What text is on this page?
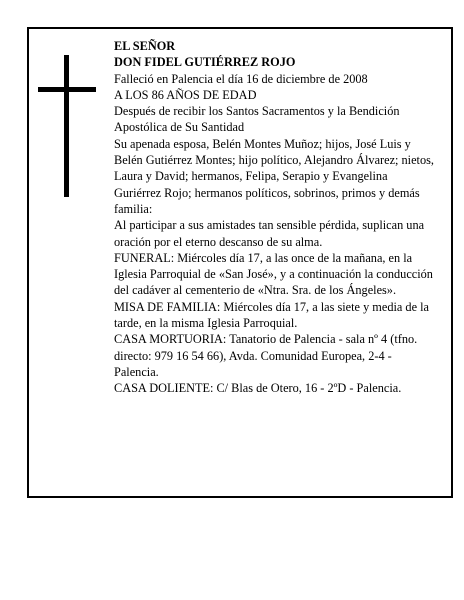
EL SEÑOR

DON FIDEL GUTIÉRREZ ROJO

Falleció en Palencia el día 16 de diciembre de 2008

A LOS 86 AÑOS DE EDAD

Después de recibir los Santos Sacramentos y la Bendición Apostólica de Su Santidad

Su apenada esposa, Belén Montes Muñoz; hijos, José Luis y Belén Gutiérrez Montes; hijo político, Alejandro Álvarez; nietos, Laura y David; hermanos, Felipa, Serapio y Evangelina Guriérrez Rojo; hermanos políticos, sobrinos, primos y demás familia:

Al participar a sus amistades tan sensible pérdida, suplican una oración por el eterno descanso de su alma.

FUNERAL: Miércoles día 17, a las once de la mañana, en la Iglesia Parroquial de «San José», y a continuación la conducción del cadáver al cementerio de «Ntra. Sra. de los Ángeles».

MISA DE FAMILIA: Miércoles día 17, a las siete y media de la tarde, en la misma Iglesia Parroquial.

CASA MORTUORIA: Tanatorio de Palencia - sala nº 4 (tfno. directo: 979 16 54 66), Avda. Comunidad Europea, 2-4 - Palencia.

CASA DOLIENTE: C/ Blas de Otero, 16 - 2ºD - Palencia.
